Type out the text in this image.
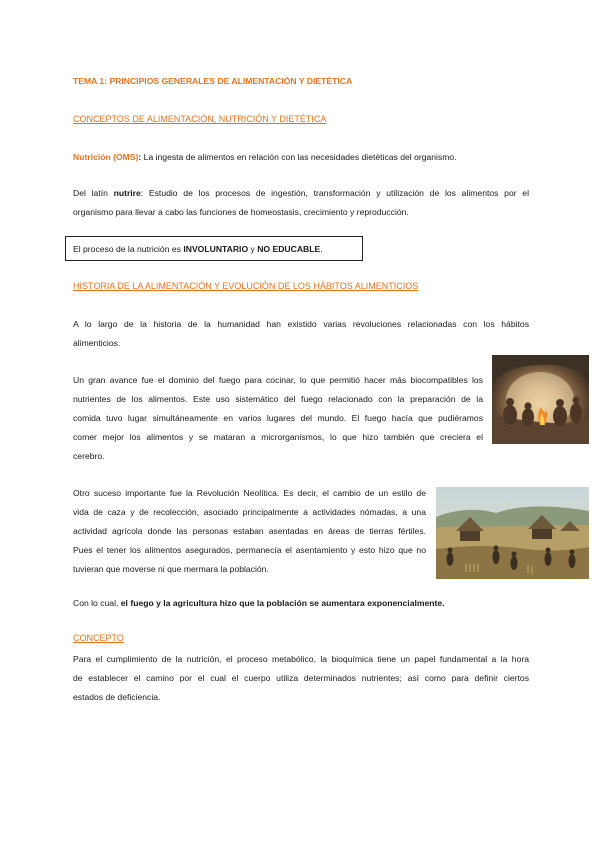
TEMA 1: PRINCIPIOS GENERALES DE ALIMENTACIÓN Y DIETÉTICA
CONCEPTOS DE ALIMENTACIÓN, NUTRICIÓN Y DIETÉTICA
Nutrición (OMS): La ingesta de alimentos en relación con las necesidades dietéticas del organismo.
Del latín nutrire: Estudio de los procesos de ingestión, transformación y utilización de los alimentos por el
organismo para llevar a cabo las funciones de homeostasis, crecimiento y reproducción.
El proceso de la nutrición es INVOLUNTARIO y NO EDUCABLE.
HISTORIA DE LA ALIMENTACIÓN Y EVOLUCIÓN DE LOS HÁBITOS ALIMENTICIOS
A lo largo de la historia de la humanidad han existido varias revoluciones relacionadas con los hábitos
alimenticios.
Un gran avance fue el dominio del fuego para cocinar, lo que permitió hacer más biocompatibles los
nutrientes de los alimentos. Este uso sistemático del fuego relacionado con la preparación de la
comida tuvo lugar simultáneamente en varios lugares del mundo. El fuego hacía que pudiéramos
comer mejor los alimentos y se mataran a microrganismos, lo que hizo también que creciera el
cerebro.
Otro suceso importante fue la Revolución Neolítica. Es decir, el cambio de un estilo de
vida de caza y de recolección, asociado principalmente a actividades nómadas, a una
actividad agrícola donde las personas estaban asentadas en áreas de tierras fértiles.
Pues el tener los alimentos asegurados, permanecía el asentamiento y esto hizo que no
tuvieran que moverse ni que mermara la población.
Con lo cual, el fuego y la agricultura hizo que la población se aumentara exponencialmente.
CONCEPTO
Para el cumplimiento de la nutrición, el proceso metabólico, la bioquímica tiene un papel fundamental a la hora
de establecer el camino por el cual el cuerpo utiliza determinados nutrientes; así como para definir ciertos
estados de deficiencia.
